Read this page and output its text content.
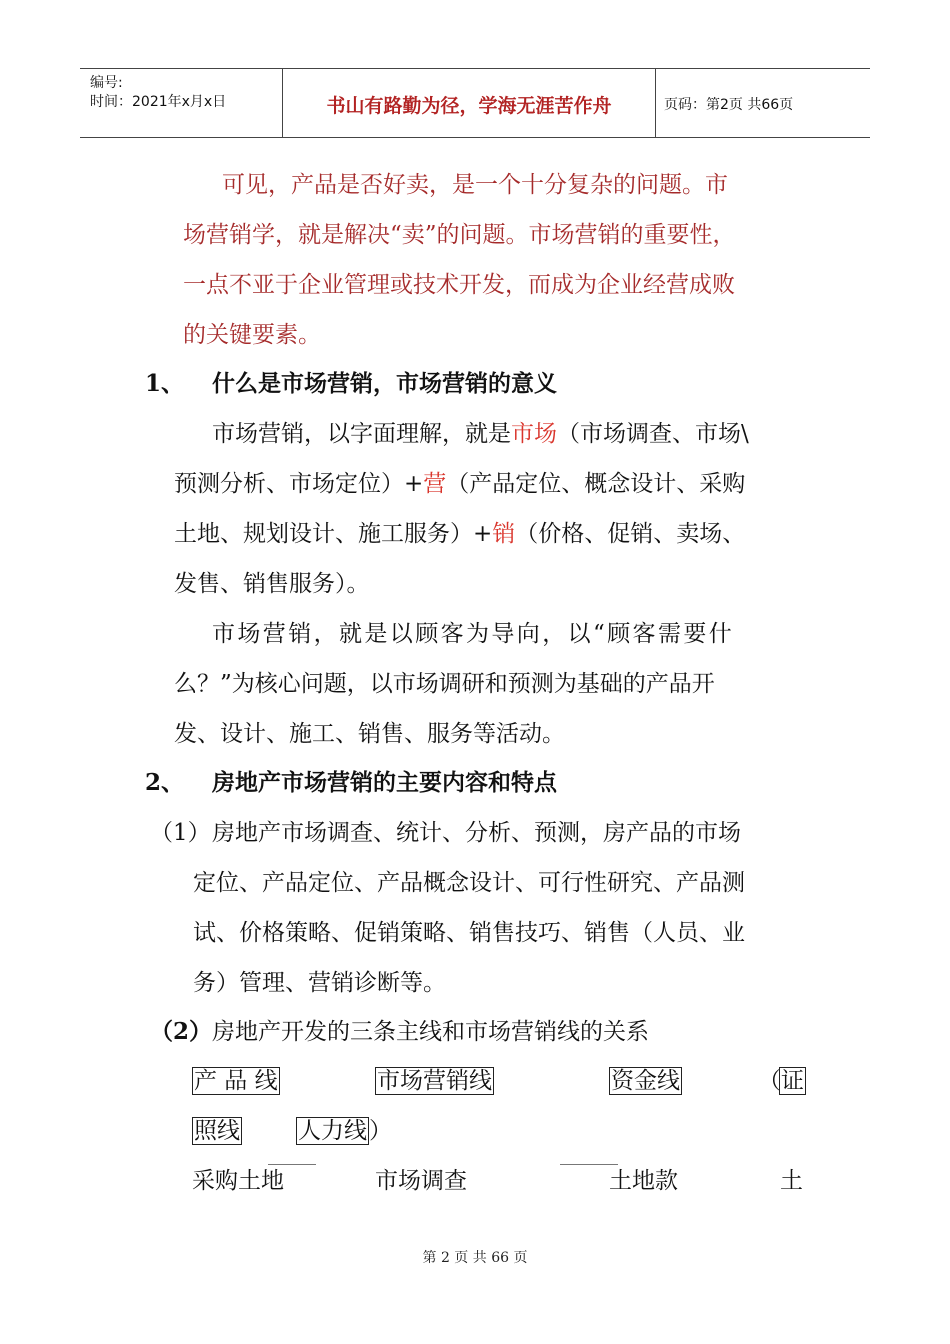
编号:
时间：2021年x月x日	书山有路勤为径，学海无涯苦作舟	页码：第2页 共66页
可见，产品是否好卖，是一个十分复杂的问题。市
场营销学，就是解决“卖”的问题。市场营销的重要性，
一点不亚于企业管理或技术开发，而成为企业经营成败
的关键要素。
1、 什么是市场营销，市场营销的意义
市场营销，以字面理解，就是市场（市场调查、市场\
预测分析、市场定位）+营（产品定位、概念设计、采购
土地、规划设计、施工服务）+销（价格、促销、卖场、
发售、销售服务）。
市场营销，就是以顾客为导向，以“顾客需要什
么？”为核心问题，以市场调研和预测为基础的产品开
发、设计、施工、销售、服务等活动。
2、 房地产市场营销的主要内容和特点
（1） 房地产市场调查、统计、分析、预测，房产品的市场
定位、产品定位、产品概念设计、可行性研究、产品测
试、价格策略、促销策略、销售技巧、销售（人员、业
务）管理、营销诊断等。
（2） 房地产开发的三条主线和市场营销线的关系
产 品 线	市场营销线	资金线	（ 证
照线	人力线）
采购土地	市场调查	土地款	土
第 2 页 共 66 页
